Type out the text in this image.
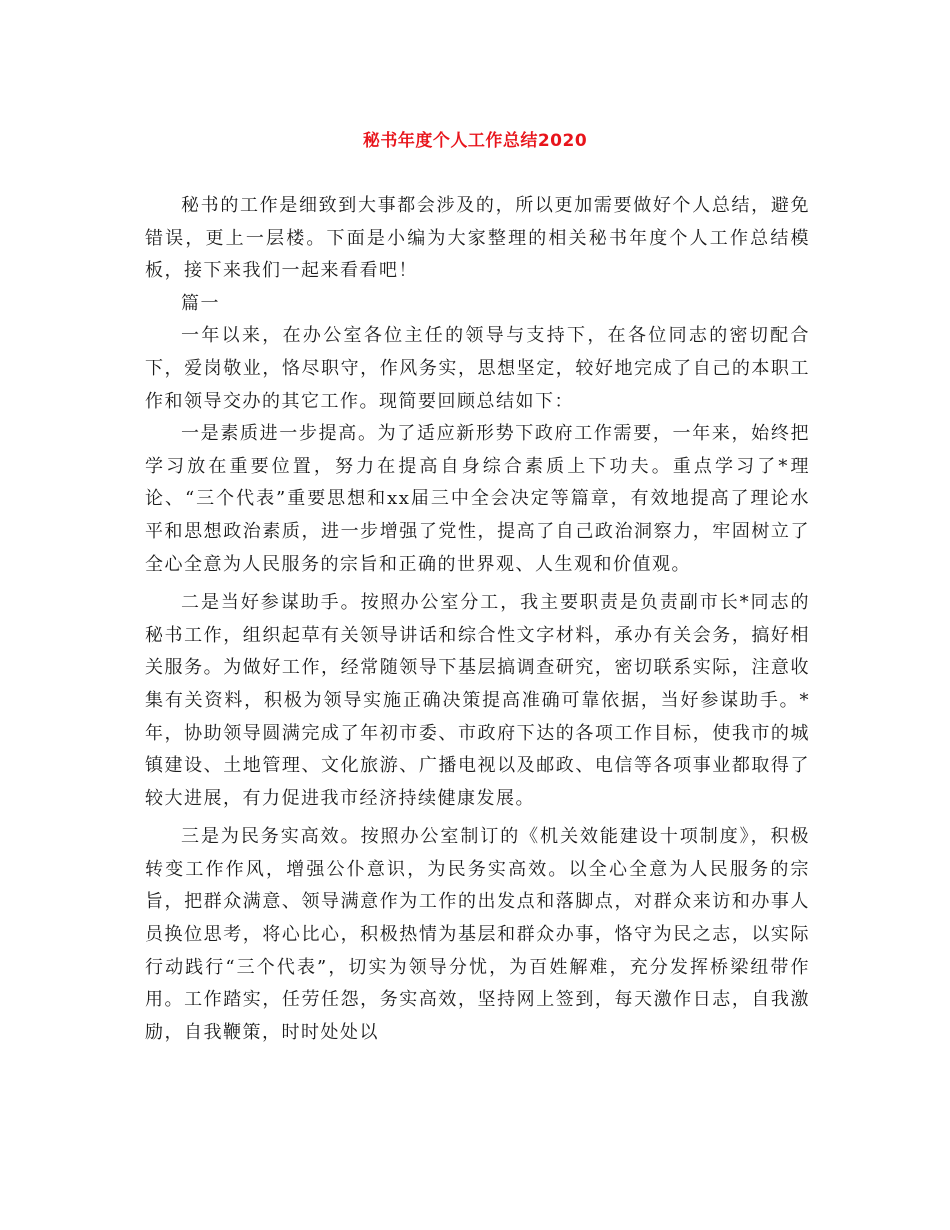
秘书年度个人工作总结2020

秘书的工作是细致到大事都会涉及的，所以更加需要做好个人总结，避免错误，更上一层楼。下面是小编为大家整理的相关秘书年度个人工作总结模板，接下来我们一起来看看吧！

篇一

一年以来，在办公室各位主任的领导与支持下，在各位同志的密切配合下，爱岗敬业，恪尽职守，作风务实，思想坚定，较好地完成了自己的本职工作和领导交办的其它工作。现简要回顾总结如下：

一是素质进一步提高。为了适应新形势下政府工作需要，一年来，始终把学习放在重要位置，努力在提高自身综合素质上下功夫。重点学习了*理论、“三个代表”重要思想和xx届三中全会决定等篇章，有效地提高了理论水平和思想政治素质，进一步增强了党性，提高了自己政治洞察力，牢固树立了全心全意为人民服务的宗旨和正确的世界观、人生观和价值观。

二是当好参谋助手。按照办公室分工，我主要职责是负责副市长*同志的秘书工作，组织起草有关领导讲话和综合性文字材料，承办有关会务，搞好相关服务。为做好工作，经常随领导下基层搞调查研究，密切联系实际，注意收集有关资料，积极为领导实施正确决策提高准确可靠依据，当好参谋助手。*年，协助领导圆满完成了年初市委、市政府下达的各项工作目标，使我市的城镇建设、土地管理、文化旅游、广播电视以及邮政、电信等各项事业都取得了较大进展，有力促进我市经济持续健康发展。

三是为民务实高效。按照办公室制订的《机关效能建设十项制度》，积极转变工作作风，增强公仆意识，为民务实高效。以全心全意为人民服务的宗旨，把群众满意、领导满意作为工作的出发点和落脚点，对群众来访和办事人员换位思考，将心比心，积极热情为基层和群众办事，恪守为民之志，以实际行动践行“三个代表”，切实为领导分忧，为百姓解难，充分发挥桥梁纽带作用。工作踏实，任劳任怨，务实高效，坚持网上签到，每天激作日志，自我激励，自我鞭策，时时处处以
